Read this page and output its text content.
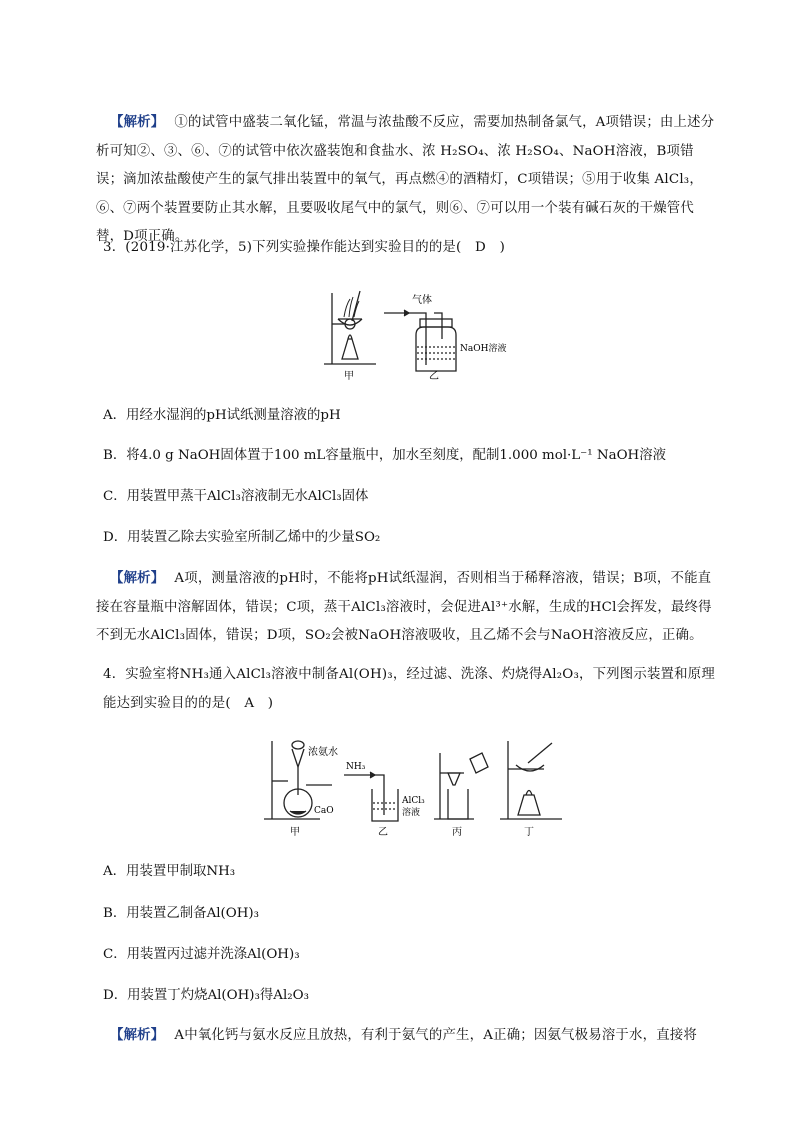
【 解析 】 ①的试管中盛装二氧化锰，常温与浓盐酸不反应，需要加热制备氯气，A项错误；由上述分析可知②、③、⑥、⑦的试管中依次盛装饱和食盐水、浓 H₂SO₄、浓 H₂SO₄、NaOH溶液，B项错误；滴加浓盐酸使产生的氯气排出装置中的氧气，再点燃④的酒精灯，C项错误；⑤用于收集 AlCl₃，⑥、⑦两个装置要防止其水解，且要吸收尾气中的氯气，则⑥、⑦可以用一个装有碱石灰的干燥管代替，D项正确。

3．(2019·江苏化学，5)下列实验操作能达到实验目的的是(　D　)

气体
NaOH溶液
甲	乙

A．用经水湿润的pH试纸测量溶液的pH

B．将4.0 g NaOH固体置于100 mL容量瓶中，加水至刻度，配制1.000 mol·L⁻¹ NaOH溶液

C．用装置甲蒸干AlCl₃溶液制无水AlCl₃固体

D．用装置乙除去实验室所制乙烯中的少量SO₂

【 解析 】 A项，测量溶液的pH时，不能将pH试纸湿润，否则相当于稀释溶液，错误；B项，不能直接在容量瓶中溶解固体，错误；C项，蒸干AlCl₃溶液时，会促进Al³⁺水解，生成的HCl会挥发，最终得不到无水AlCl₃固体，错误；D项，SO₂会被NaOH溶液吸收，且乙烯不会与NaOH溶液反应，正确。

4．实验室将NH₃通入AlCl₃溶液中制备Al(OH)₃，经过滤、洗涤、灼烧得Al₂O₃，下列图示装置和原理能达到实验目的的是(　A　)

浓氨水
CaO
NH₃
AlCl₃
溶液
甲	乙	丙	丁

A．用装置甲制取NH₃

B．用装置乙制备Al(OH)₃

C．用装置丙过滤并洗涤Al(OH)₃

D．用装置丁灼烧Al(OH)₃得Al₂O₃

【 解析 】 A中氧化钙与氨水反应且放热，有利于氨气的产生，A正确；因氨气极易溶于水，直接将
